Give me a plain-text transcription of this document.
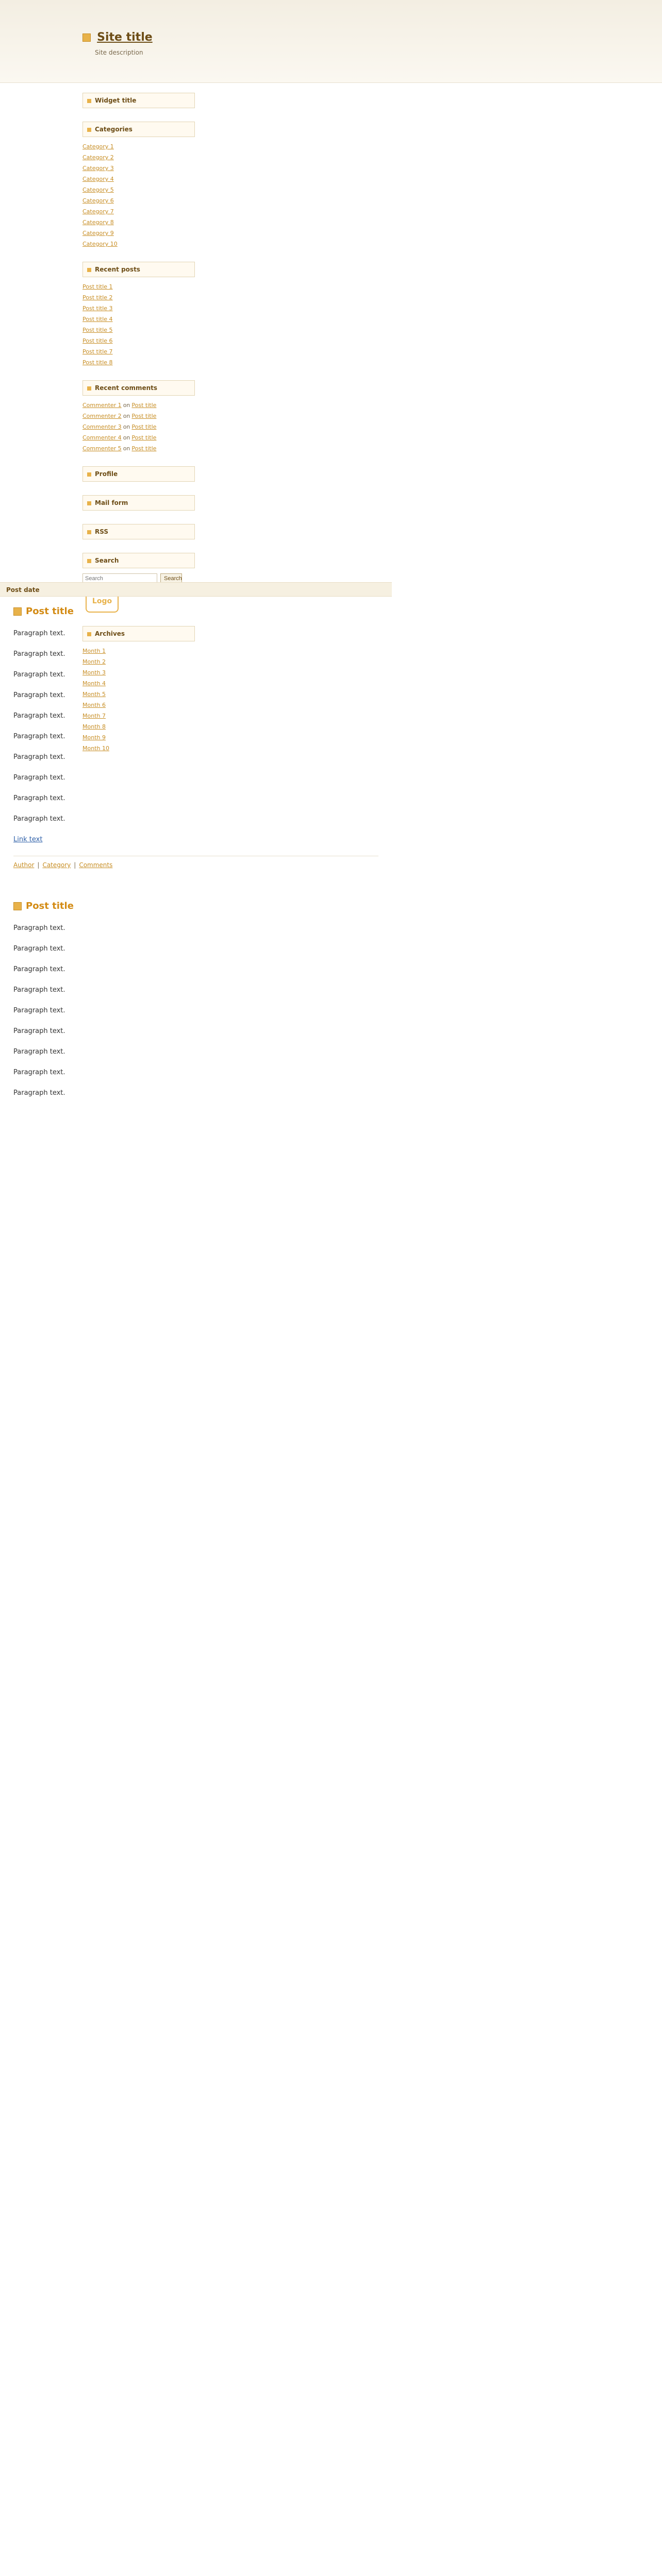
Site title
Site description
Widget title
Categories
Category 1
Category 2
Category 3
Category 4
Category 5
Category 6
Category 7
Category 8
Category 9
Category 10
Recent posts
Post title 1
Post title 2
Post title 3
Post title 4
Post title 5
Post title 6
Post title 7
Post title 8
Recent comments
Commenter 1 on Post title
Commenter 2 on Post title
Commenter 3 on Post title
Commenter 4 on Post title
Commenter 5 on Post title
Profile
Mail form
RSS
Search
Search
Search
Logo
Archives
Month 1
Month 2
Month 3
Month 4
Month 5
Month 6
Month 7
Month 8
Month 9
Month 10
Post date
Post title

Paragraph text.

Paragraph text.

Paragraph text.

Paragraph text.

Paragraph text.

Paragraph text.

Paragraph text.

Paragraph text.

Paragraph text.

Paragraph text.

Link text

Author | Category | Comments
Post title

Paragraph text.

Paragraph text.

Paragraph text.

Paragraph text.

Paragraph text.

Paragraph text.

Paragraph text.

Paragraph text.

Paragraph text.
